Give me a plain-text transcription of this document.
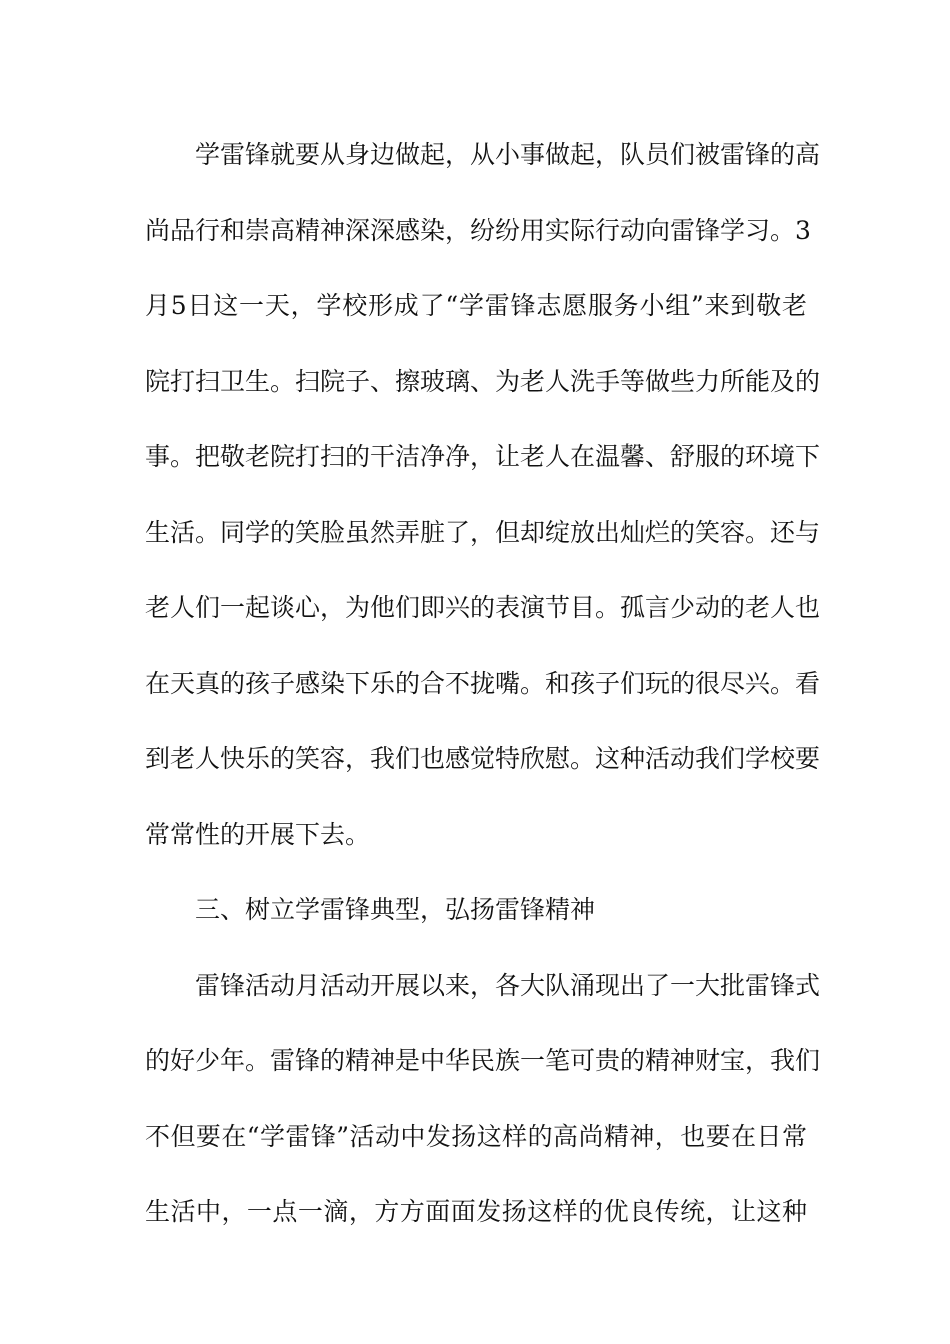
学雷锋就要从身边做起，从小事做起，队员们被雷锋的高
尚品行和崇高精神深深感染，纷纷用实际行动向雷锋学习。3
月5日这一天，学校形成了“学雷锋志愿服务小组”来到敬老
院打扫卫生。扫院子、擦玻璃、为老人洗手等做些力所能及的
事。把敬老院打扫的干洁净净，让老人在温馨、舒服的环境下
生活。同学的笑脸虽然弄脏了，但却绽放出灿烂的笑容。还与
老人们一起谈心，为他们即兴的表演节目。孤言少动的老人也
在天真的孩子感染下乐的合不拢嘴。和孩子们玩的很尽兴。看
到老人快乐的笑容，我们也感觉特欣慰。这种活动我们学校要
常常性的开展下去。
三、树立学雷锋典型，弘扬雷锋精神
雷锋活动月活动开展以来，各大队涌现出了一大批雷锋式
的好少年。雷锋的精神是中华民族一笔可贵的精神财宝，我们
不但要在“学雷锋”活动中发扬这样的高尚精神，也要在日常
生活中，一点一滴，方方面面发扬这样的优良传统，让这种
